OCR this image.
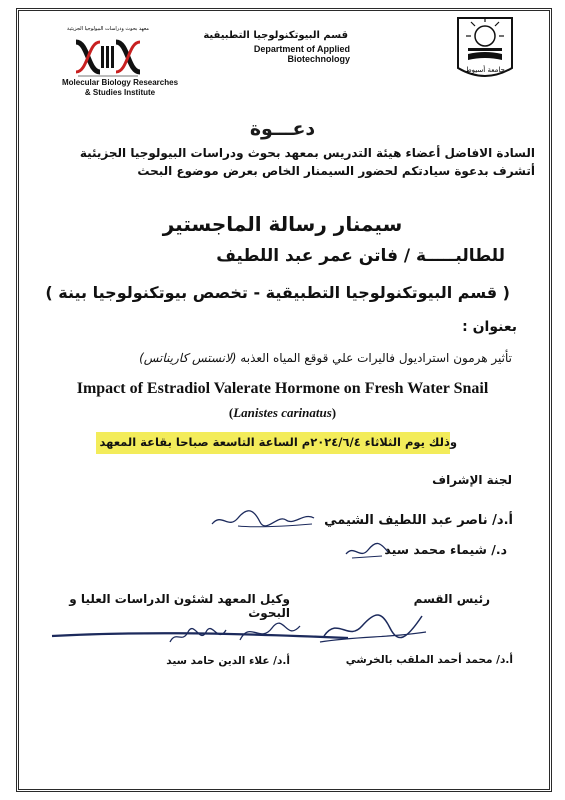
معهد بحوث ودراسات البيولوجيا الجزيئية
Molecular Biology Researches
& Studies Institute
قسم البيوتكنولوجيا التطبيقية
Department of Applied Biotechnology
جامعة أسيوط
دعـــوة
السادة الافاضل أعضاء هيئة التدريس بمعهد بحوث ودراسات البيولوجيا الجزيئية
أتشرف بدعوة سيادتكم لحضور السيمنار الخاص بعرض موضوع البحث
سيمنار رسالة الماجستير
للطالبـــــة / فاتن عمر عبد اللطيف
( قسم البيوتكنولوجيا التطبيقية - تخصص بيوتكنولوجيا بينة )
بعنوان :
تأثير هرمون استراديول فاليرات علي قوقع المياه العذبه (لانستس كاريناتس)
Impact of Estradiol Valerate Hormone on Fresh Water Snail
(Lanistes carinatus)
وذلك يوم الثلاثاء ٢٠٢٤/٦/٤م الساعة التاسعة صباحا بقاعة المعهد
لجنة الإشراف
أ.د/ ناصر عبد اللطيف الشيمي
د./ شيماء محمد سيد
رئيس القسم
وكيل المعهد لشئون الدراسات العليا و البحوث
أ.د/ محمد أحمد الملقب بالخرشي
أ.د/ علاء الدين حامد سيد
